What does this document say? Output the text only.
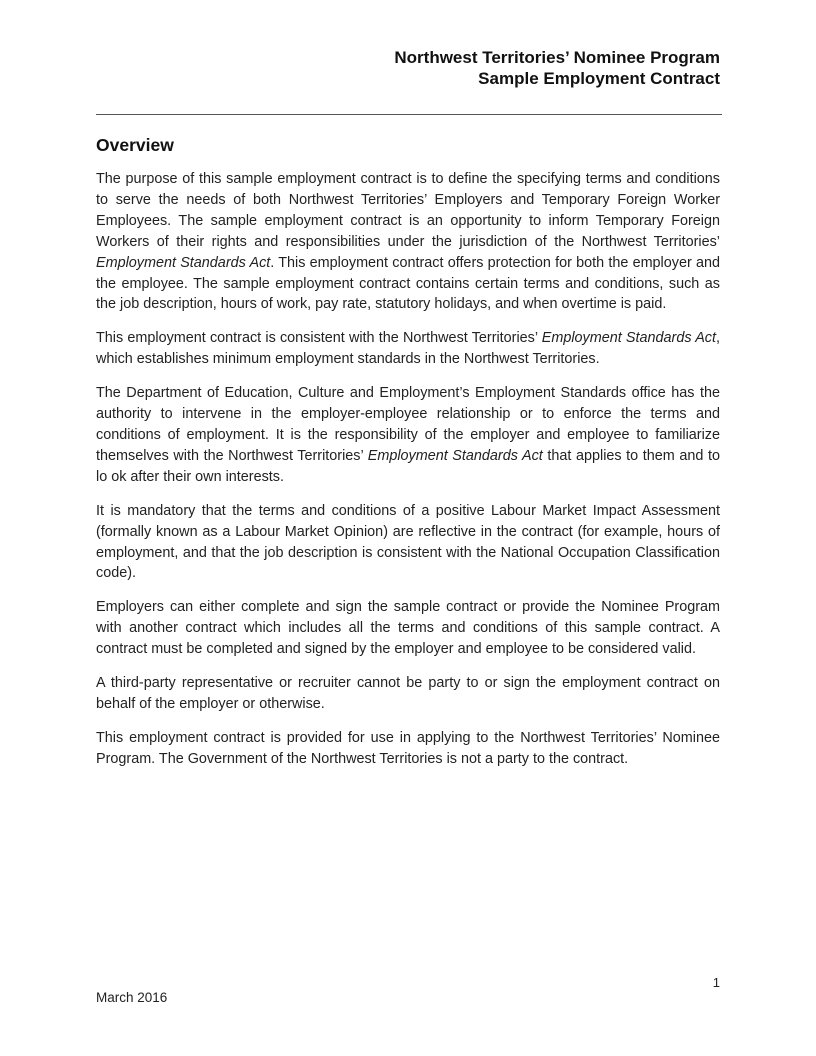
Northwest Territories’ Nominee Program
Sample Employment Contract
Overview

The purpose of this sample employment contract is to define the specifying terms and conditions to serve the needs of both Northwest Territories’ Employers and Temporary Foreign Worker Employees. The sample employment contract is an opportunity to inform Temporary Foreign Workers of their rights and responsibilities under the jurisdiction of the Northwest Territories’ Employment Standards Act. This employment contract offers protection for both the employer and the employee. The sample employment contract contains certain terms and conditions, such as the job description, hours of work, pay rate, statutory holidays, and when overtime is paid.

This employment contract is consistent with the Northwest Territories’ Employment Standards Act, which establishes minimum employment standards in the Northwest Territories.

The Department of Education, Culture and Employment’s Employment Standards office has the authority to intervene in the employer-employee relationship or to enforce the terms and conditions of employment. It is the responsibility of the employer and employee to familiarize themselves with the Northwest Territories’ Employment Standards Act that applies to them and to lo ok after their own interests.

It is mandatory that the terms and conditions of a positive Labour Market Impact Assessment (formally known as a Labour Market Opinion) are reflective in the contract (for example, hours of employment, and that the job description is consistent with the National Occupation Classification code).

Employers can either complete and sign the sample contract or provide the Nominee Program with another contract which includes all the terms and conditions of this sample contract. A contract must be completed and signed by the employer and employee to be considered valid.

A third-party representative or recruiter cannot be party to or sign the employment contract on behalf of the employer or otherwise.

This employment contract is provided for use in applying to the Northwest Territories’ Nominee Program. The Government of the Northwest Territories is not a party to the contract.

1
March 2016
